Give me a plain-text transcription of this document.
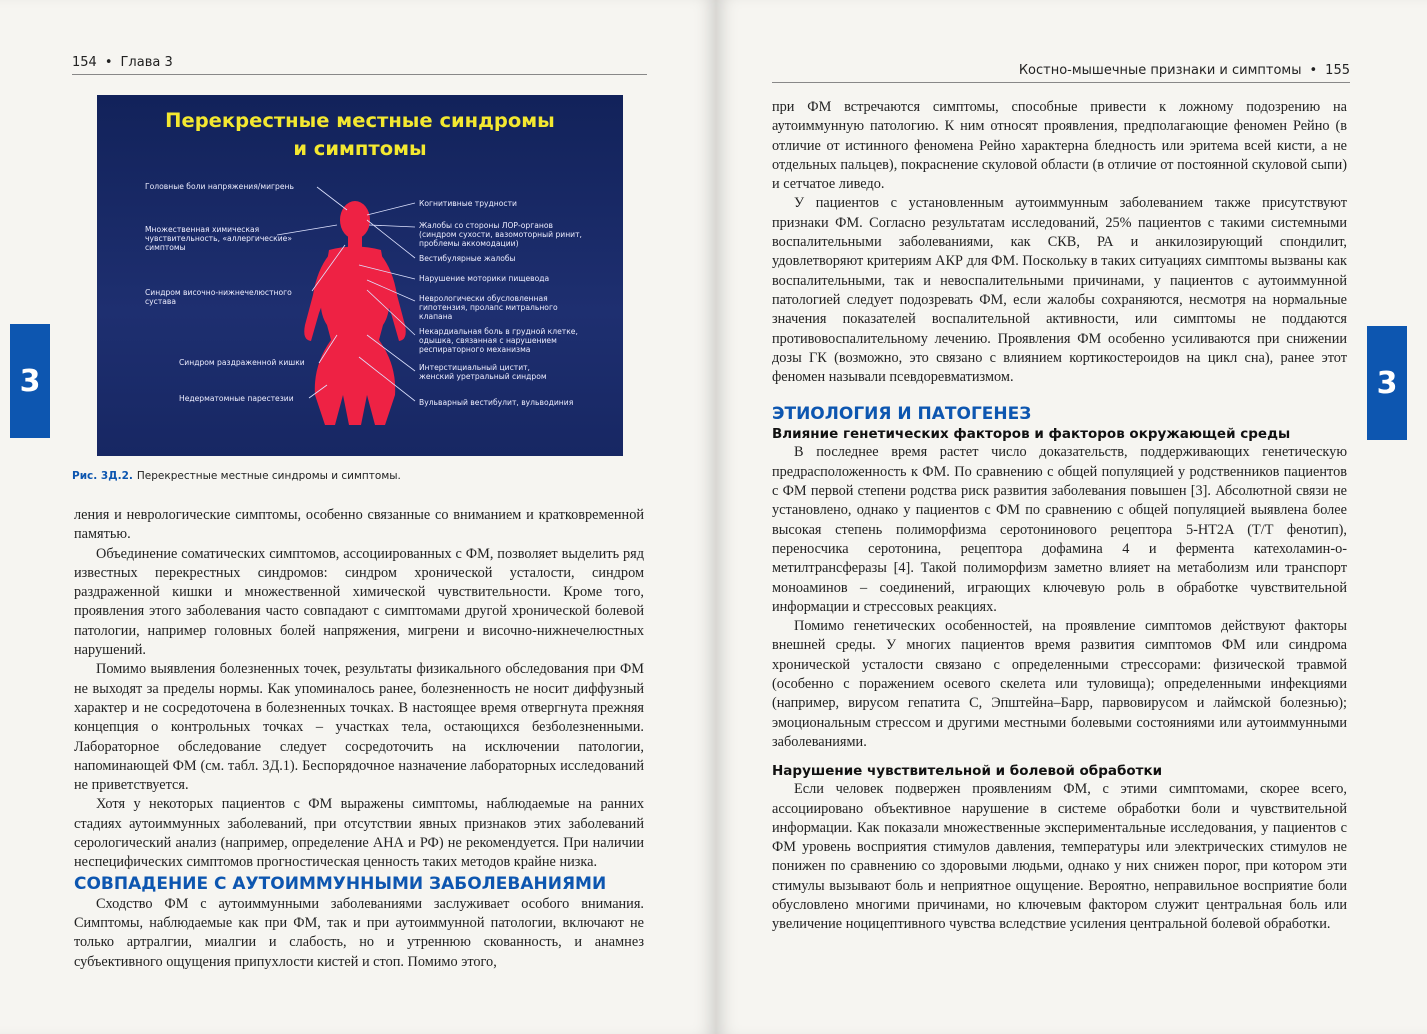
154 • Глава 3
3
Перекрестные местные синдромы
и симптомы
Головные боли напряжения/мигрень
Множественная химическая
чувствительность, «аллергические»
симптомы
Синдром височно-нижнечелюстного
сустава
Синдром раздраженной кишки
Недерматомные парестезии
Когнитивные трудности
Жалобы со стороны ЛОР-органов
(синдром сухости, вазомоторный ринит,
проблемы аккомодации)
Вестибулярные жалобы
Нарушение моторики пищевода
Неврологически обусловленная
гипотензия, пролапс митрального
клапана
Некардиальная боль в грудной клетке,
одышка, связанная с нарушением
респираторного механизма
Интерстициальный цистит,
женский уретральный синдром
Вульварный вестибулит, вульводиния
Рис. 3Д.2. Перекрестные местные синдромы и симптомы.

ления и неврологические симптомы, особенно связанные со вниманием и кратковременной памятью.

Объединение соматических симптомов, ассоциированных с ФМ, позволяет выделить ряд известных перекрестных синдромов: синдром хронической усталости, синдром раздраженной кишки и множественной химической чувствительности. Кроме того, проявления этого заболевания часто совпадают с симптомами другой хронической болевой патологии, например головных болей напряжения, мигрени и височно-нижнечелюстных нарушений.

Помимо выявления болезненных точек, результаты физикального обследования при ФМ не выходят за пределы нормы. Как упоминалось ранее, болезненность не носит диффузный характер и не сосредоточена в болезненных точках. В настоящее время отвергнута прежняя концепция о контрольных точках – участках тела, остающихся безболезненными. Лабораторное обследование следует сосредоточить на исключении патологии, напоминающей ФМ (см. табл. 3Д.1). Беспорядочное назначение лабораторных исследований не приветствуется.

Хотя у некоторых пациентов с ФМ выражены симптомы, наблюдаемые на ранних стадиях аутоиммунных заболеваний, при отсутствии явных признаков этих заболеваний серологический анализ (например, определение АНА и РФ) не рекомендуется. При наличии неспецифических симптомов прогностическая ценность таких методов крайне низка.

СОВПАДЕНИЕ С АУТОИММУННЫМИ ЗАБОЛЕВАНИЯМИ

Сходство ФМ с аутоиммунными заболеваниями заслуживает особого внимания. Симптомы, наблюдаемые как при ФМ, так и при аутоиммунной патологии, включают не только артралгии, миалгии и слабость, но и утреннюю скованность, и анамнез субъективного ощущения припухлости кистей и стоп. Помимо этого,

Костно-мышечные признаки и симптомы • 155
3

при ФМ встречаются симптомы, способные привести к ложному подозрению на аутоиммунную патологию. К ним относят проявления, предполагающие феномен Рейно (в отличие от истинного феномена Рейно характерна бледность или эритема всей кисти, а не отдельных пальцев), покраснение скуловой области (в отличие от постоянной скуловой сыпи) и сетчатое ливедо.

У пациентов с установленным аутоиммунным заболеванием также присутствуют признаки ФМ. Согласно результатам исследований, 25% пациентов с такими системными воспалительными заболеваниями, как СКВ, РА и анкилозирующий спондилит, удовлетворяют критериям АКР для ФМ. Поскольку в таких ситуациях симптомы вызваны как воспалительными, так и невоспалительными причинами, у пациентов с аутоиммунной патологией следует подозревать ФМ, если жалобы сохраняются, несмотря на нормальные значения показателей воспалительной активности, или симптомы не поддаются противовоспалительному лечению. Проявления ФМ особенно усиливаются при снижении дозы ГК (возможно, это связано с влиянием кортикостероидов на цикл сна), ранее этот феномен называли псевдоревматизмом.

ЭТИОЛОГИЯ И ПАТОГЕНЕЗ

Влияние генетических факторов и факторов окружающей среды

В последнее время растет число доказательств, поддерживающих генетическую предрасположенность к ФМ. По сравнению с общей популяцией у родственников пациентов с ФМ первой степени родства риск развития заболевания повышен [3]. Абсолютной связи не установлено, однако у пациентов с ФМ по сравнению с общей популяцией выявлена более высокая степень полиморфизма серотонинового рецептора 5-HT2A (T/T фенотип), переносчика серотонина, рецептора дофамина 4 и фермента катехоламин-о-метилтрансферазы [4]. Такой полиморфизм заметно влияет на метаболизм или транспорт моноаминов – соединений, играющих ключевую роль в обработке чувствительной информации и стрессовых реакциях.

Помимо генетических особенностей, на проявление симптомов действуют факторы внешней среды. У многих пациентов время развития симптомов ФМ или синдрома хронической усталости связано с определенными стрессорами: физической травмой (особенно с поражением осевого скелета или туловища); определенными инфекциями (например, вирусом гепатита С, Эпштейна–Барр, парвовирусом и лаймской болезнью); эмоциональным стрессом и другими местными болевыми состояниями или аутоиммунными заболеваниями.

Нарушение чувствительной и болевой обработки

Если человек подвержен проявлениям ФМ, с этими симптомами, скорее всего, ассоциировано объективное нарушение в системе обработки боли и чувствительной информации. Как показали множественные экспериментальные исследования, у пациентов с ФМ уровень восприятия стимулов давления, температуры или электрических стимулов не понижен по сравнению со здоровыми людьми, однако у них снижен порог, при котором эти стимулы вызывают боль и неприятное ощущение. Вероятно, неправильное восприятие боли обусловлено многими причинами, но ключевым фактором служит центральная боль или увеличение ноцицептивного чувства вследствие усиления центральной болевой обработки.
